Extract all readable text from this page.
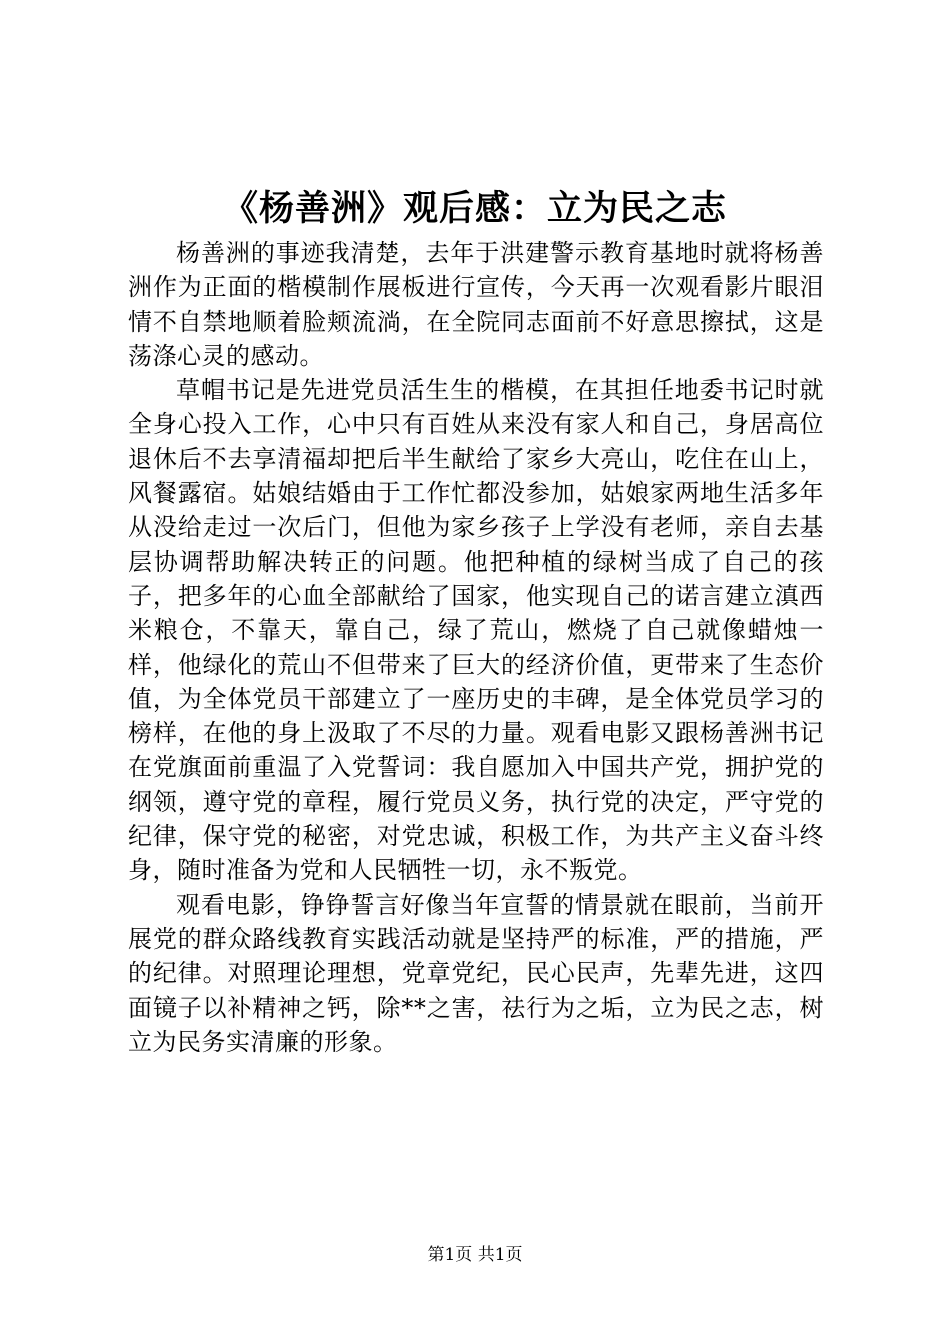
《杨善洲》观后感：立为民之志

杨善洲的事迹我清楚，去年于洪建警示教育基地时就将杨善洲作为正面的楷模制作展板进行宣传，今天再一次观看影片眼泪情不自禁地顺着脸颊流淌，在全院同志面前不好意思擦拭，这是荡涤心灵的感动。

草帽书记是先进党员活生生的楷模，在其担任地委书记时就全身心投入工作，心中只有百姓从来没有家人和自己，身居高位退休后不去享清福却把后半生献给了家乡大亮山，吃住在山上，风餐露宿。姑娘结婚由于工作忙都没参加，姑娘家两地生活多年从没给走过一次后门，但他为家乡孩子上学没有老师，亲自去基层协调帮助解决转正的问题。他把种植的绿树当成了自己的孩子，把多年的心血全部献给了国家，他实现自己的诺言建立滇西米粮仓，不靠天，靠自己，绿了荒山，燃烧了自己就像蜡烛一样，他绿化的荒山不但带来了巨大的经济价值，更带来了生态价值，为全体党员干部建立了一座历史的丰碑，是全体党员学习的榜样，在他的身上汲取了不尽的力量。观看电影又跟杨善洲书记在党旗面前重温了入党誓词：我自愿加入中国共产党，拥护党的纲领，遵守党的章程，履行党员义务，执行党的决定，严守党的纪律，保守党的秘密，对党忠诚，积极工作，为共产主义奋斗终身，随时准备为党和人民牺牲一切，永不叛党。

观看电影，铮铮誓言好像当年宣誓的情景就在眼前，当前开展党的群众路线教育实践活动就是坚持严的标准，严的措施，严的纪律。对照理论理想，党章党纪，民心民声，先辈先进，这四面镜子以补精神之钙，除**之害，祛行为之垢，立为民之志，树立为民务实清廉的形象。

第1页 共1页
